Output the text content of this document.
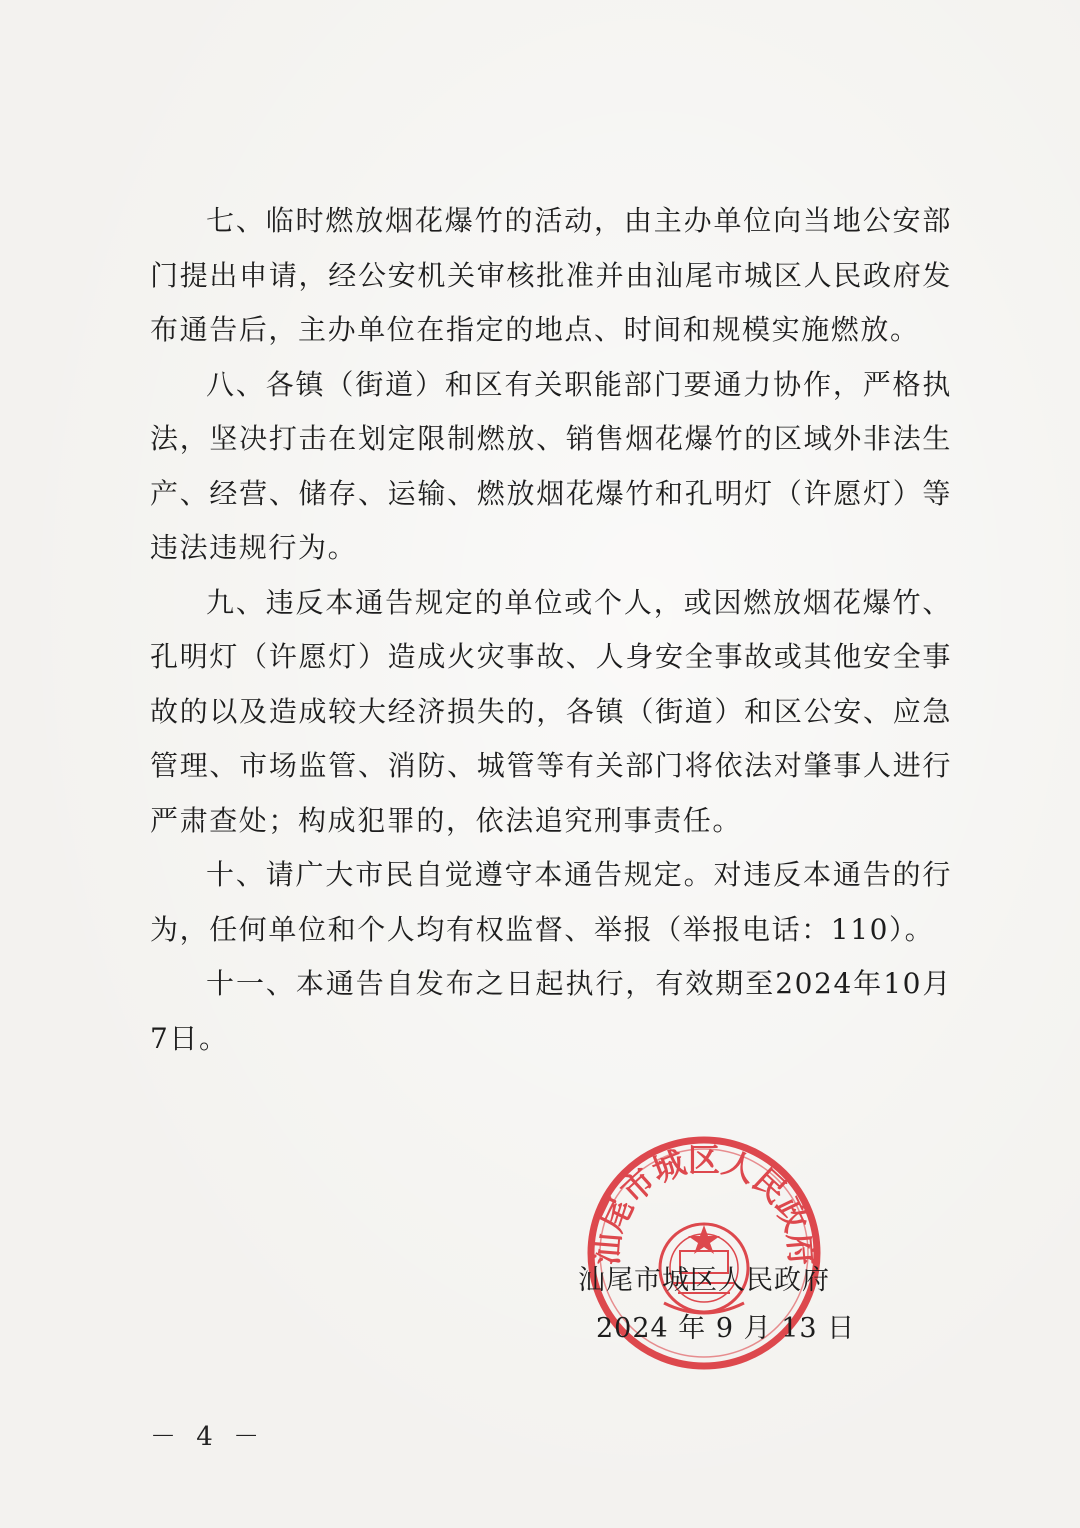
七、临时燃放烟花爆竹的活动，由主办单位向当地公安部门提出申请，经公安机关审核批准并由汕尾市城区人民政府发布通告后，主办单位在指定的地点、时间和规模实施燃放。

八、各镇（街道）和区有关职能部门要通力协作，严格执法，坚决打击在划定限制燃放、销售烟花爆竹的区域外非法生产、经营、储存、运输、燃放烟花爆竹和孔明灯（许愿灯）等违法违规行为。

九、违反本通告规定的单位或个人，或因燃放烟花爆竹、孔明灯（许愿灯）造成火灾事故、人身安全事故或其他安全事故的以及造成较大经济损失的，各镇（街道）和区公安、应急管理、市场监管、消防、城管等有关部门将依法对肇事人进行严肃查处；构成犯罪的，依法追究刑事责任。

十、请广大市民自觉遵守本通告规定。对违反本通告的行为，任何单位和个人均有权监督、举报（举报电话：110）。

十一、本通告自发布之日起执行，有效期至2024年10月7日。

汕尾市城区人民政府
汕尾市城区人民政府
2024 年 9 月 13 日
－ 4 －
